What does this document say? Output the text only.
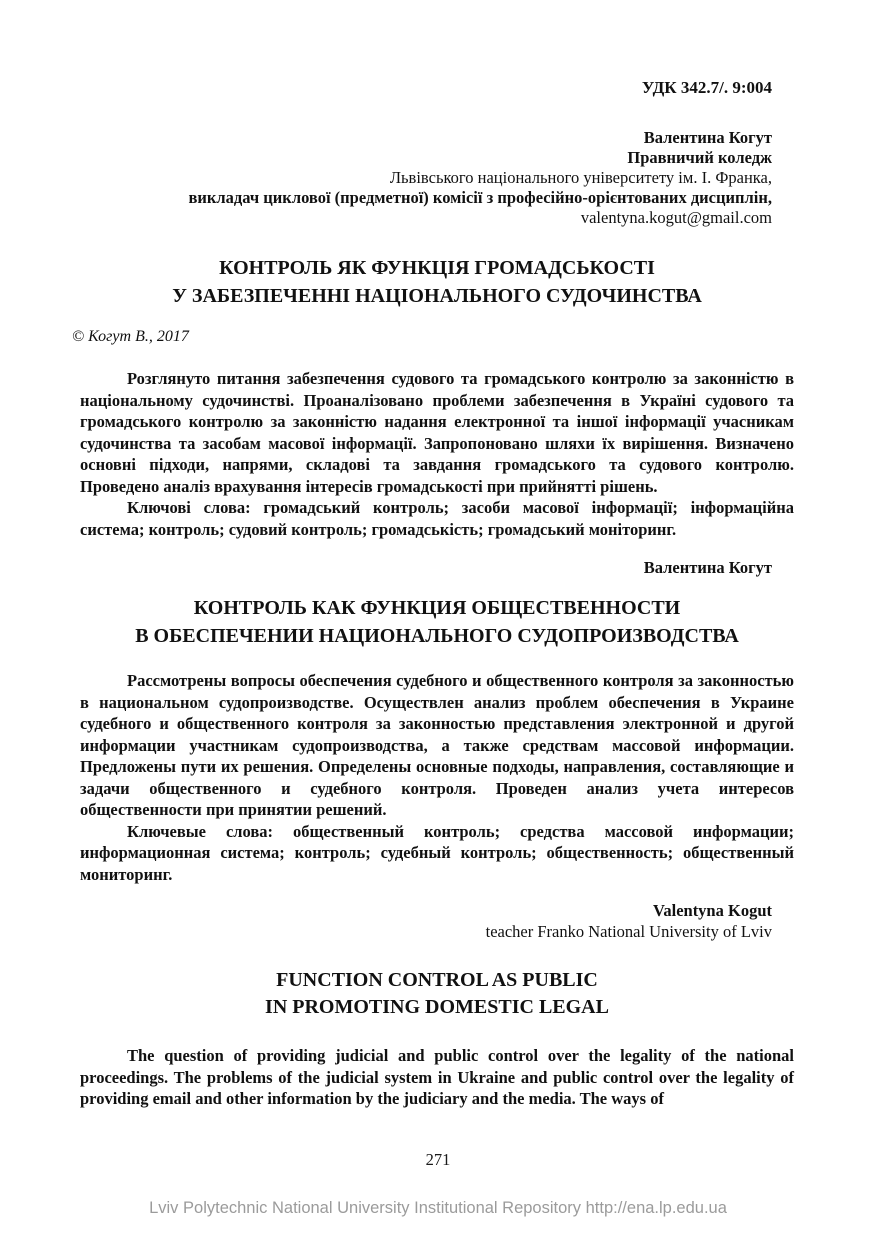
УДК 342.7/. 9:004
Валентина Когут
Правничий коледж
Львівського національного університету ім. І. Франка,
викладач циклової (предметної) комісії з професійно-орієнтованих дисциплін,
valentyna.kogut@gmail.com
КОНТРОЛЬ ЯК ФУНКЦІЯ ГРОМАДСЬКОСТІ
У ЗАБЕЗПЕЧЕННІ НАЦІОНАЛЬНОГО СУДОЧИНСТВА
© Когут В., 2017

Розглянуто питання забезпечення судового та громадського контролю за законністю в національному судочинстві. Проаналізовано проблеми забезпечення в Україні судового та громадського контролю за законністю надання електронної та іншої інформації учасникам судочинства та засобам масової інформації. Запропоновано шляхи їх вирішення. Визначено основні підходи, напрями, складові та завдання громадського та судового контролю. Проведено аналіз врахування інтересів громадськості при прийнятті рішень.

Ключові слова: громадський контроль; засоби масової інформації; інформаційна система; контроль; судовий контроль; громадськість; громадський моніторинг.

Валентина Когут
КОНТРОЛЬ КАК ФУНКЦИЯ ОБЩЕСТВЕННОСТИ
В ОБЕСПЕЧЕНИИ НАЦИОНАЛЬНОГО СУДОПРОИЗВОДСТВА

Рассмотрены вопросы обеспечения судебного и общественного контроля за законностью в национальном судопроизводстве. Осуществлен анализ проблем обеспечения в Украине судебного и общественного контроля за законностью представления электронной и другой информации участникам судопроизводства, а также средствам массовой информации. Предложены пути их решения. Определены основные подходы, направления, составляющие и задачи общественного и судебного контроля. Проведен анализ учета интересов общественности при принятии решений.

Ключевые слова: общественный контроль; средства массовой информации; информационная система; контроль; судебный контроль; общественность; общественный мониторинг.

Valentyna Kogut
teacher Franko National University of Lviv
FUNCTION CONTROL AS PUBLIC
IN PROMOTING DOMESTIC LEGAL

The question of providing judicial and public control over the legality of the national proceedings. The problems of the judicial system in Ukraine and public control over the legality of providing email and other information by the judiciary and the media. The ways of

271
Lviv Polytechnic National University Institutional Repository http://ena.lp.edu.ua
